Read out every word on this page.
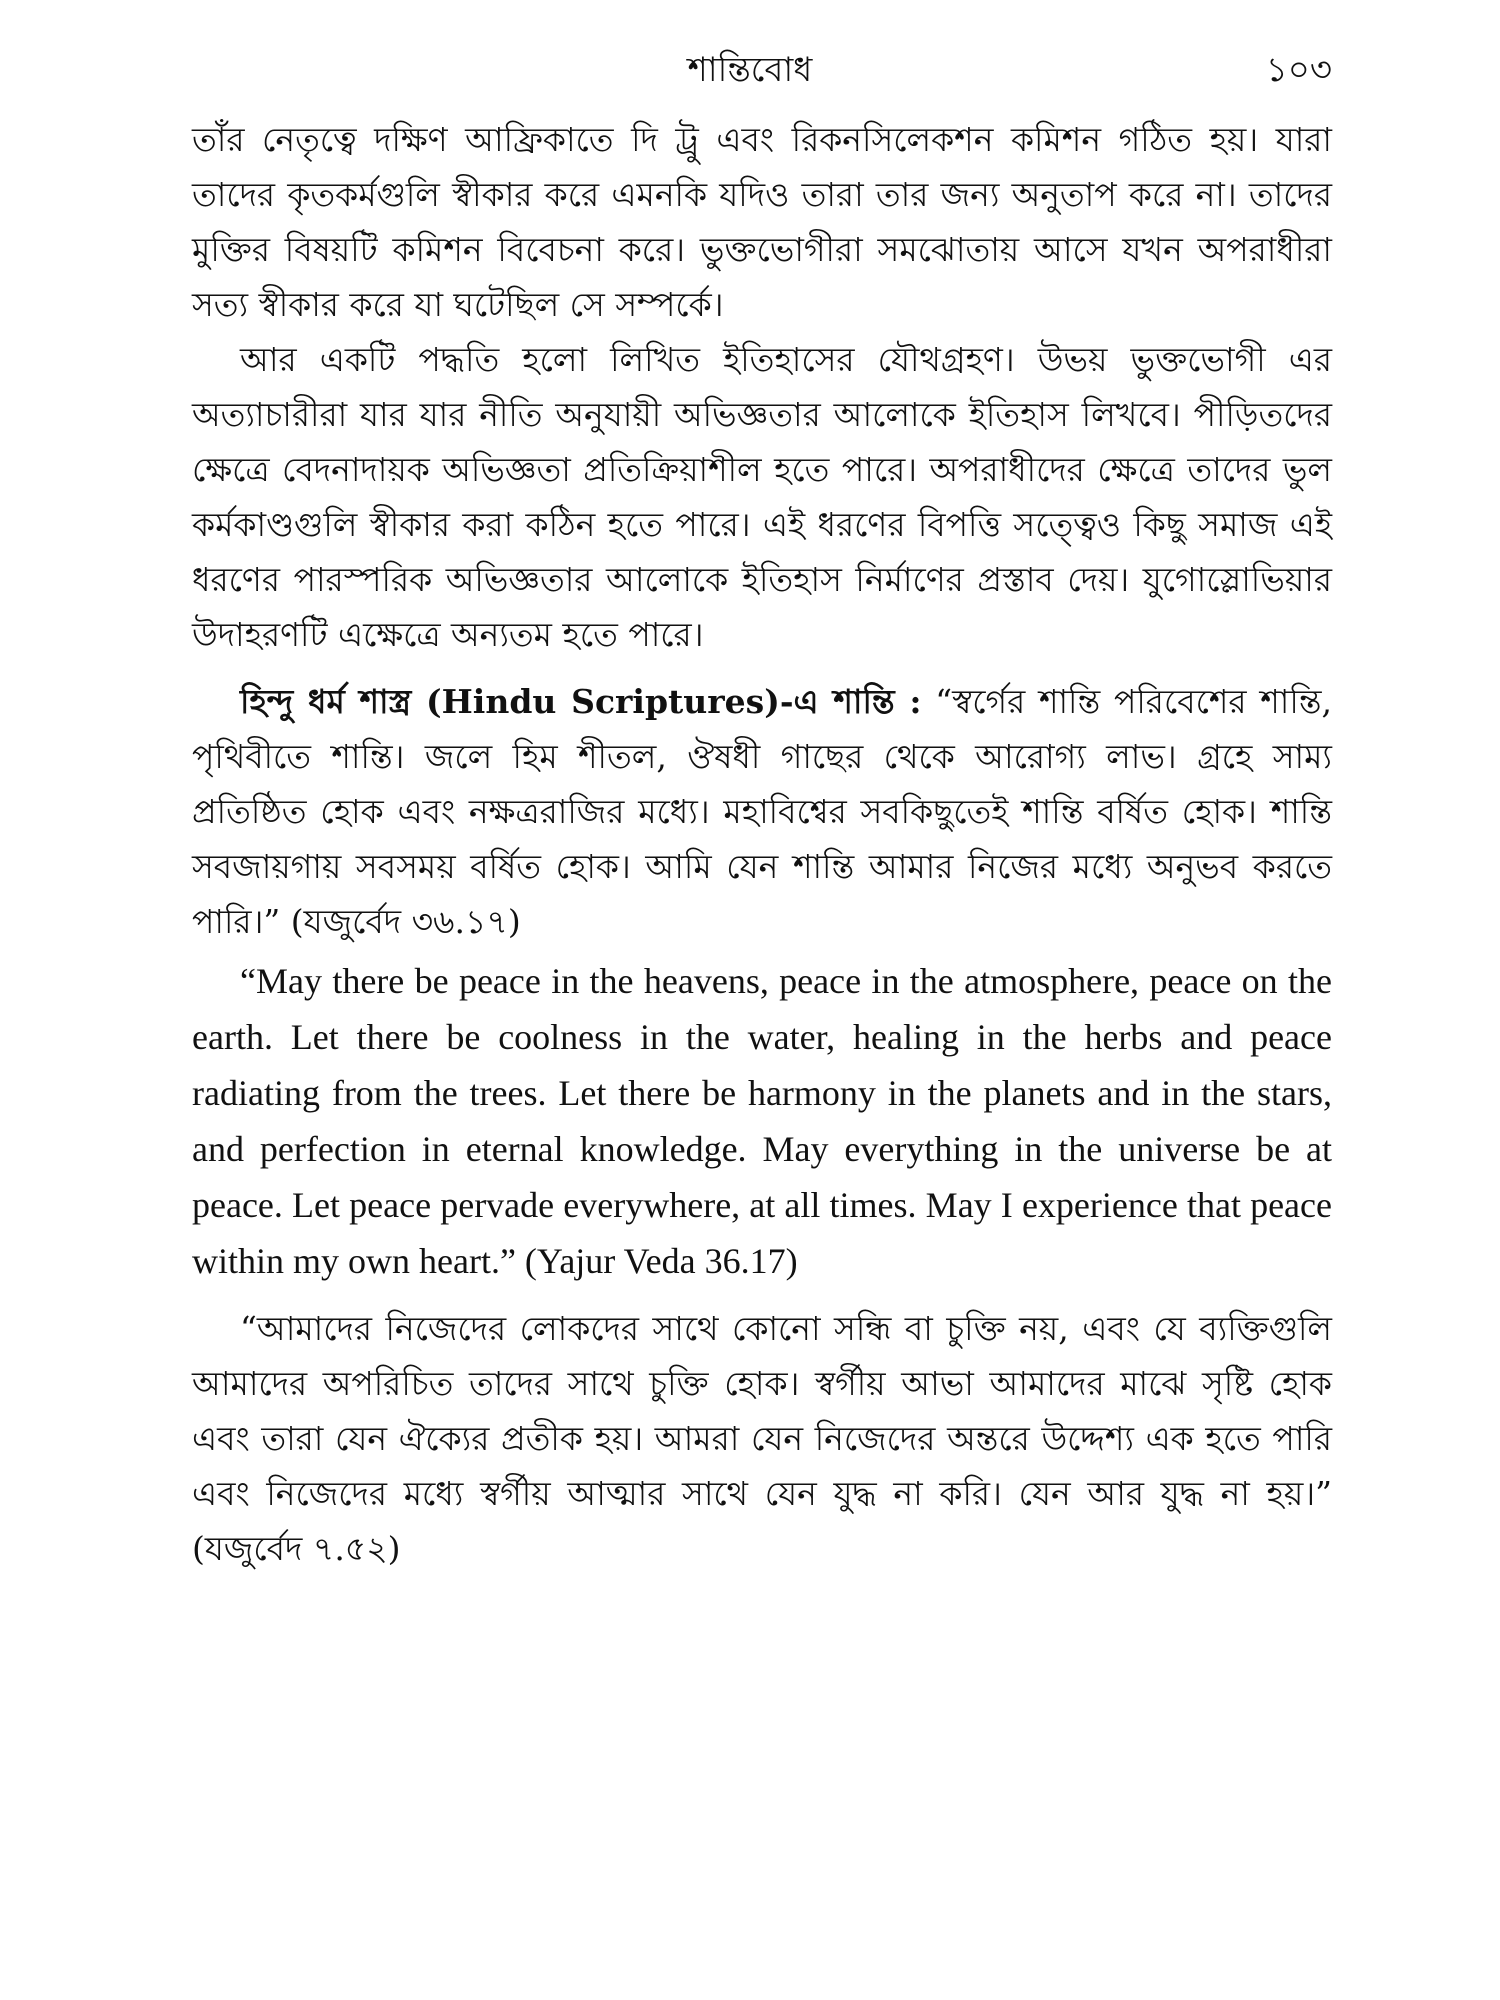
শান্তিবোধ	১০৩

তাঁর নেতৃত্বে দক্ষিণ আফ্রিকাতে দি ট্রু এবং রিকনসিলেকশন কমিশন গঠিত হয়। যারা তাদের কৃতকর্মগুলি স্বীকার করে এমনকি যদিও তারা তার জন্য অনুতাপ করে না। তাদের মুক্তির বিষয়টি কমিশন বিবেচনা করে। ভুক্তভোগীরা সমঝোতায় আসে যখন অপরাধীরা সত্য স্বীকার করে যা ঘটেছিল সে সম্পর্কে।

আর একটি পদ্ধতি হলো লিখিত ইতিহাসের যৌথগ্রহণ। উভয় ভুক্তভোগী এর অত্যাচারীরা যার যার নীতি অনুযায়ী অভিজ্ঞতার আলোকে ইতিহাস লিখবে। পীড়িতদের ক্ষেত্রে বেদনাদায়ক অভিজ্ঞতা প্রতিক্রিয়াশীল হতে পারে। অপরাধীদের ক্ষেত্রে তাদের ভুল কর্মকাণ্ডগুলি স্বীকার করা কঠিন হতে পারে। এই ধরণের বিপত্তি সত্ত্বেও কিছু সমাজ এই ধরণের পারস্পরিক অভিজ্ঞতার আলোকে ইতিহাস নির্মাণের প্রস্তাব দেয়। যুগোস্লোভিয়ার উদাহরণটি এক্ষেত্রে অন্যতম হতে পারে।

হিন্দু ধর্ম শাস্ত্র (Hindu Scriptures)-এ শান্তি : “স্বর্গের শান্তি পরিবেশের শান্তি, পৃথিবীতে শান্তি। জলে হিম শীতল, ঔষধী গাছের থেকে আরোগ্য লাভ। গ্রহে সাম্য প্রতিষ্ঠিত হোক এবং নক্ষত্ররাজির মধ্যে। মহাবিশ্বের সবকিছুতেই শান্তি বর্ষিত হোক। শান্তি সবজায়গায় সবসময় বর্ষিত হোক। আমি যেন শান্তি আমার নিজের মধ্যে অনুভব করতে পারি।” (যজুর্বেদ ৩৬.১৭)

“May there be peace in the heavens, peace in the atmosphere, peace on the earth. Let there be coolness in the water, healing in the herbs and peace radiating from the trees. Let there be harmony in the planets and in the stars, and perfection in eternal knowledge. May everything in the universe be at peace. Let peace pervade everywhere, at all times. May I experience that peace within my own heart.” (Yajur Veda 36.17)

“আমাদের নিজেদের লোকদের সাথে কোনো সন্ধি বা চুক্তি নয়, এবং যে ব্যক্তিগুলি আমাদের অপরিচিত তাদের সাথে চুক্তি হোক। স্বর্গীয় আভা আমাদের মাঝে সৃষ্টি হোক এবং তারা যেন ঐক্যের প্রতীক হয়। আমরা যেন নিজেদের অন্তরে উদ্দেশ্য এক হতে পারি এবং নিজেদের মধ্যে স্বর্গীয় আত্মার সাথে যেন যুদ্ধ না করি। যেন আর যুদ্ধ না হয়।” (যজুর্বেদ ৭.৫২)
